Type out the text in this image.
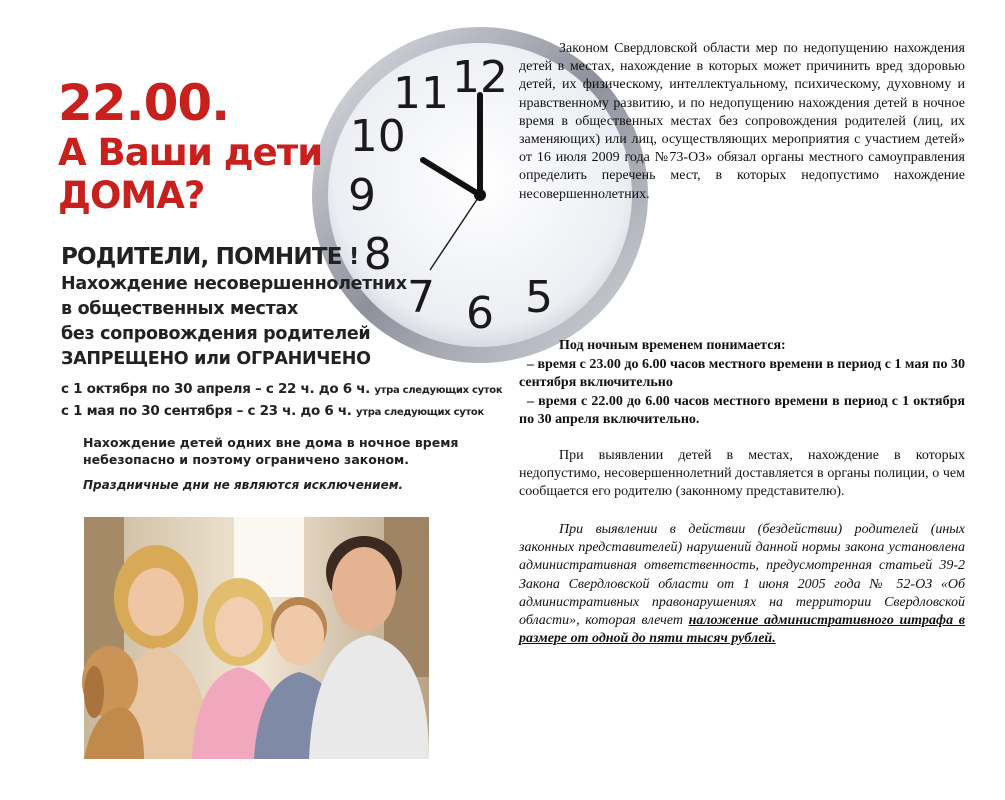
12
11
10
9
8
7 6 5
22.00.
А Ваши дети
ДОМА?
РОДИТЕЛИ, ПОМНИТЕ !
Нахождение несовершеннолетних
в общественных местах
без сопровождения родителей
ЗАПРЕЩЕНО или ОГРАНИЧЕНО
с 1 октября по 30 апреля – с 22 ч. до 6 ч. утра следующих суток
с 1 мая по 30 сентября – с 23 ч. до 6 ч. утра следующих суток
Нахождение детей одних вне дома в ночное время
небезопасно и поэтому ограничено законом.
Праздничные дни не являются исключением.

Законом Свердловской области мер по недопущению нахождения детей в местах, нахождение в которых может причинить вред здоровью детей, их физическому, интеллектуальному, психическому, духовному и нравственному развитию, и по недопущению нахождения детей в ночное время в общественных местах без сопровождения родителей (лиц, их заменяющих) или лиц, осуществляющих мероприятия с участием детей» от 16 июля 2009 года №73-ОЗ» обязал органы местного самоуправления определить перечень мест, в которых недопустимо нахождение несовершеннолетних.

Под ночным временем понимается:

– время с 23.00 до 6.00 часов местного времени в период с 1 мая по 30 сентября включительно

– время с 22.00 до 6.00 часов местного времени в период с 1 октября по 30 апреля включительно.

При выявлении детей в местах, нахождение в которых недопустимо, несовершеннолетний доставляется в органы полиции, о чем сообщается его родителю (законному представителю).

При выявлении в действии (бездействии) родителей (иных законных представителей) нарушений данной нормы закона установлена административная ответственность, предусмотренная статьей 39-2 Закона Свердловской области от 1 июня 2005 года № 52-ОЗ «Об административных правонарушениях на территории Свердловской области», которая влечет наложение административного штрафа в размере от одной до пяти тысяч рублей.
